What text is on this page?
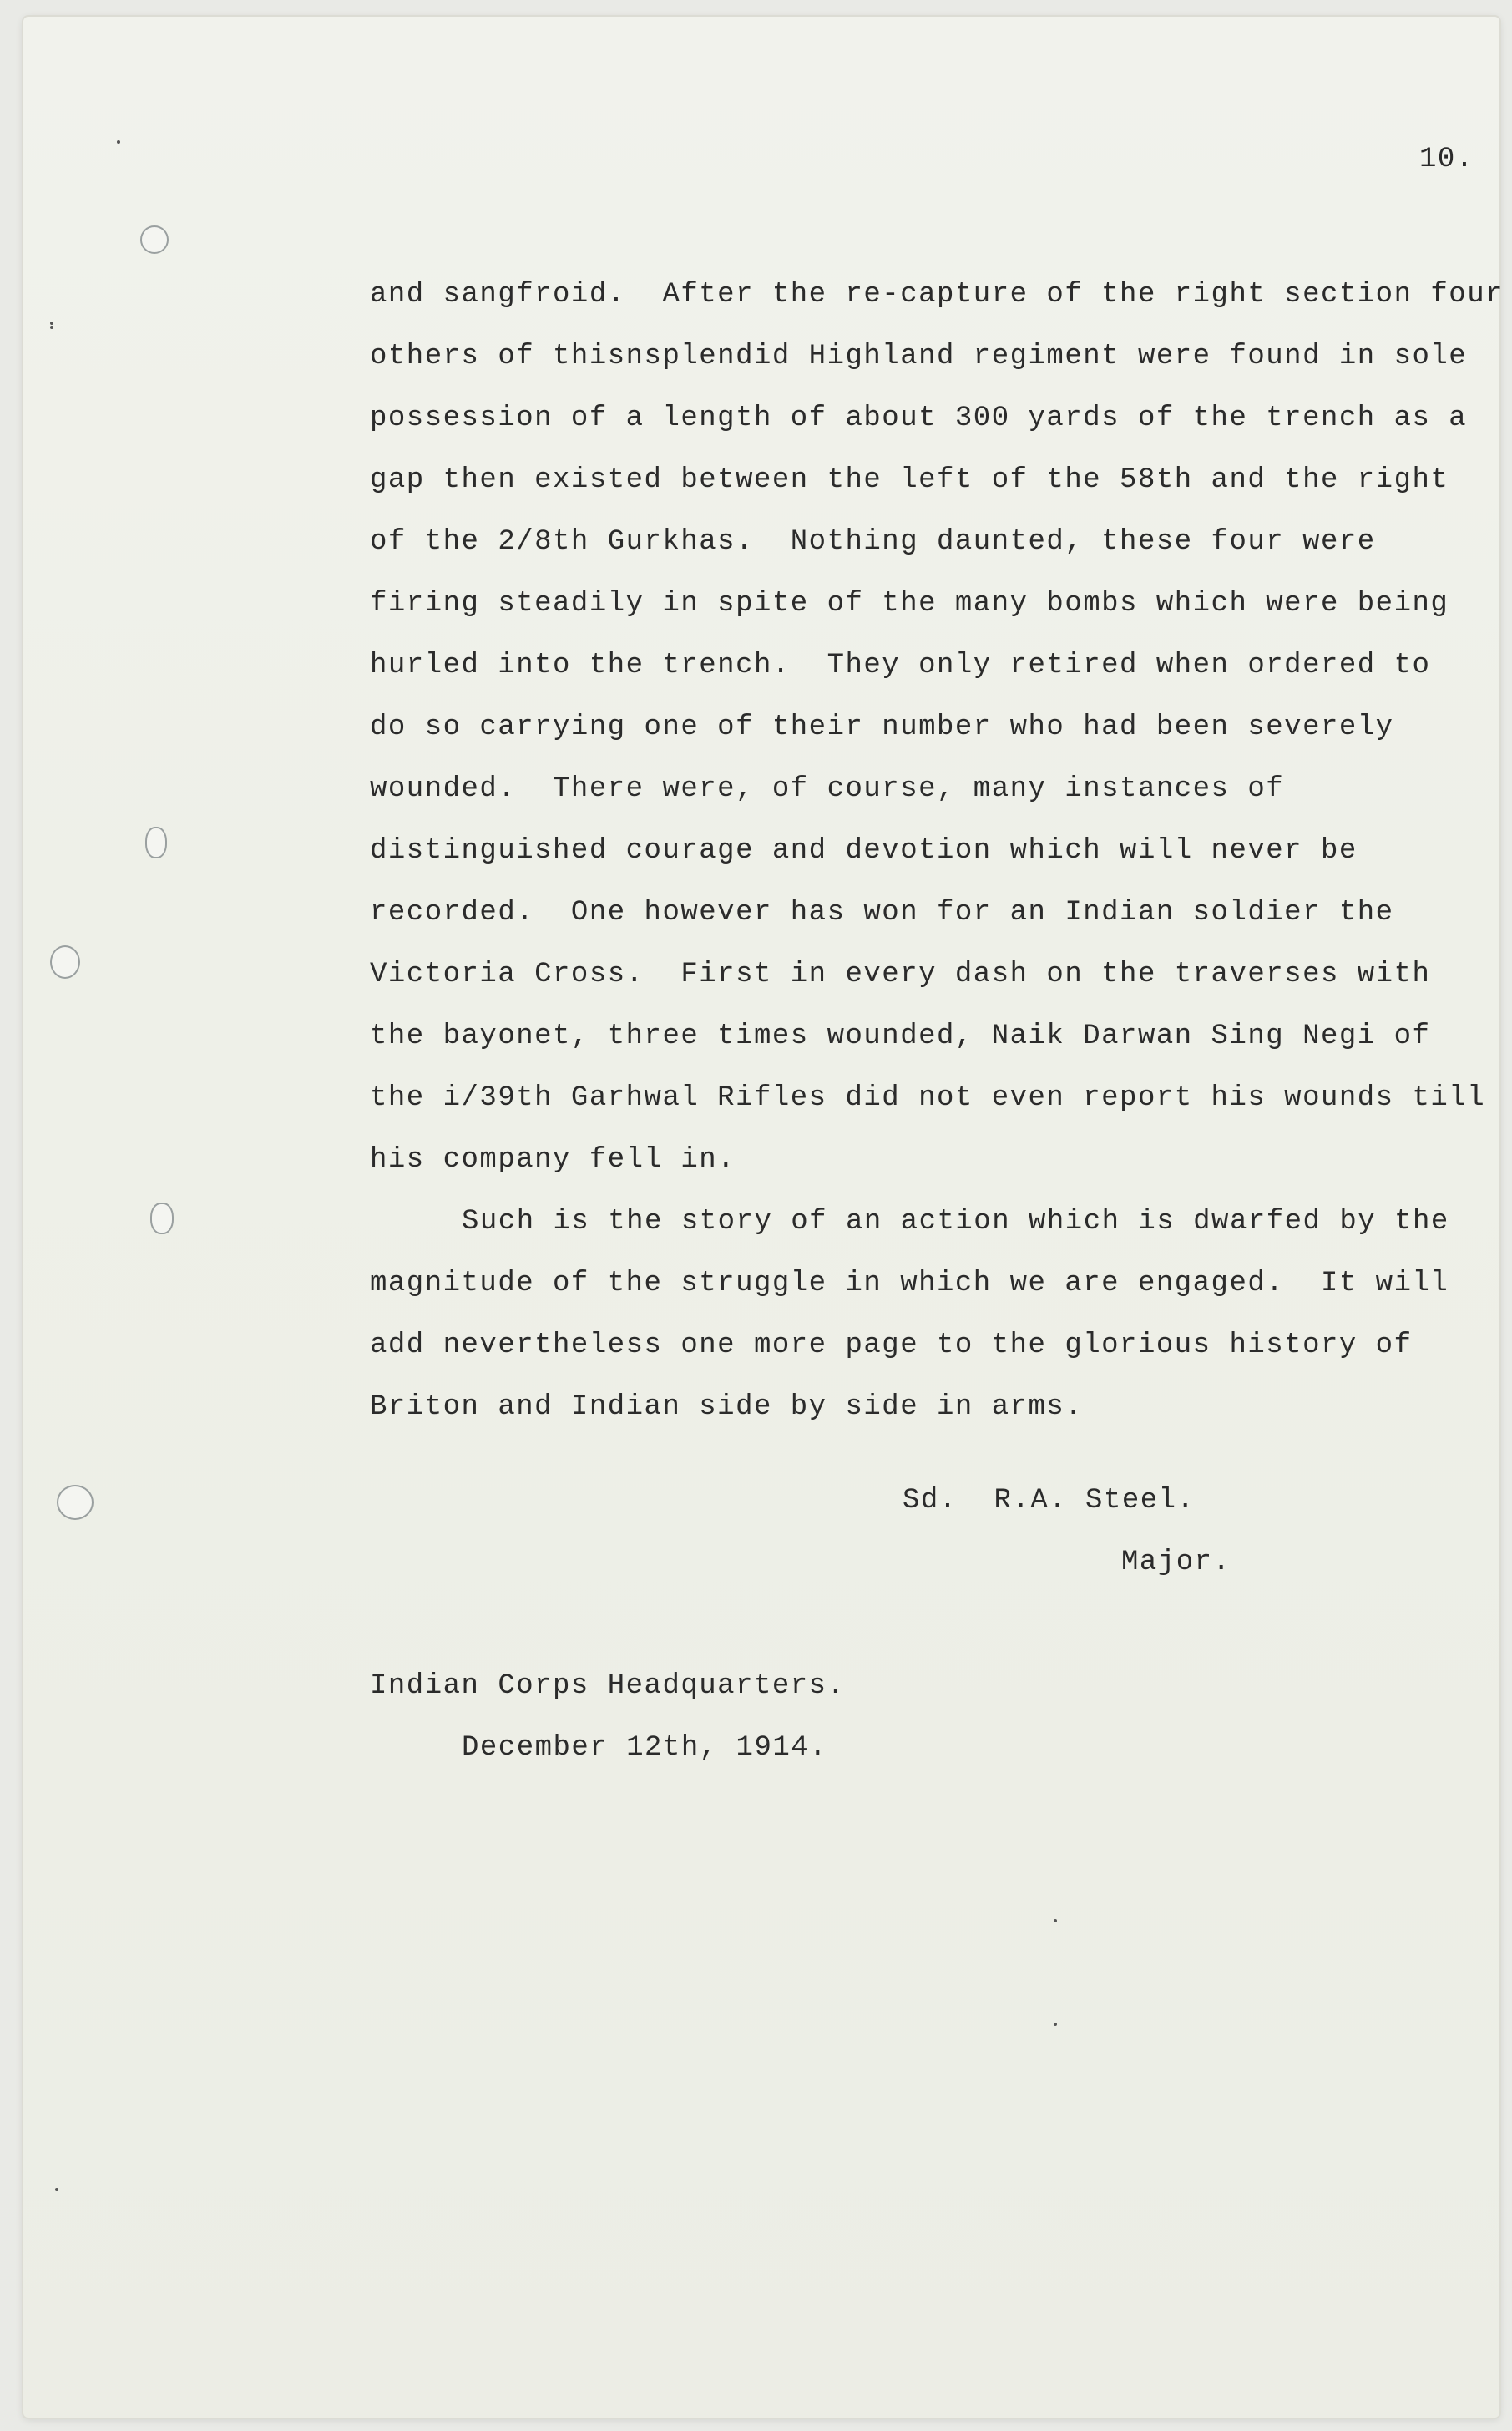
10.
and sangfroid.  After the re-capture of the right section four
others of thisnsplendid Highland regiment were found in sole
possession of a length of about 300 yards of the trench as a
gap then existed between the left of the 58th and the right
of the 2/8th Gurkhas.  Nothing daunted, these four were
firing steadily in spite of the many bombs which were being
hurled into the trench.  They only retired when ordered to
do so carrying one of their number who had been severely
wounded.  There were, of course, many instances of
distinguished courage and devotion which will never be
recorded.  One however has won for an Indian soldier the
Victoria Cross.  First in every dash on the traverses with
the bayonet, three times wounded, Naik Darwan Sing Negi of
the i/39th Garhwal Rifles did not even report his wounds till
his company fell in.
Such is the story of an action which is dwarfed by the
magnitude of the struggle in which we are engaged.  It will
add nevertheless one more page to the glorious history of
Briton and Indian side by side in arms.
Sd.  R.A. Steel.
Major.
Indian Corps Headquarters.
December 12th, 1914.
